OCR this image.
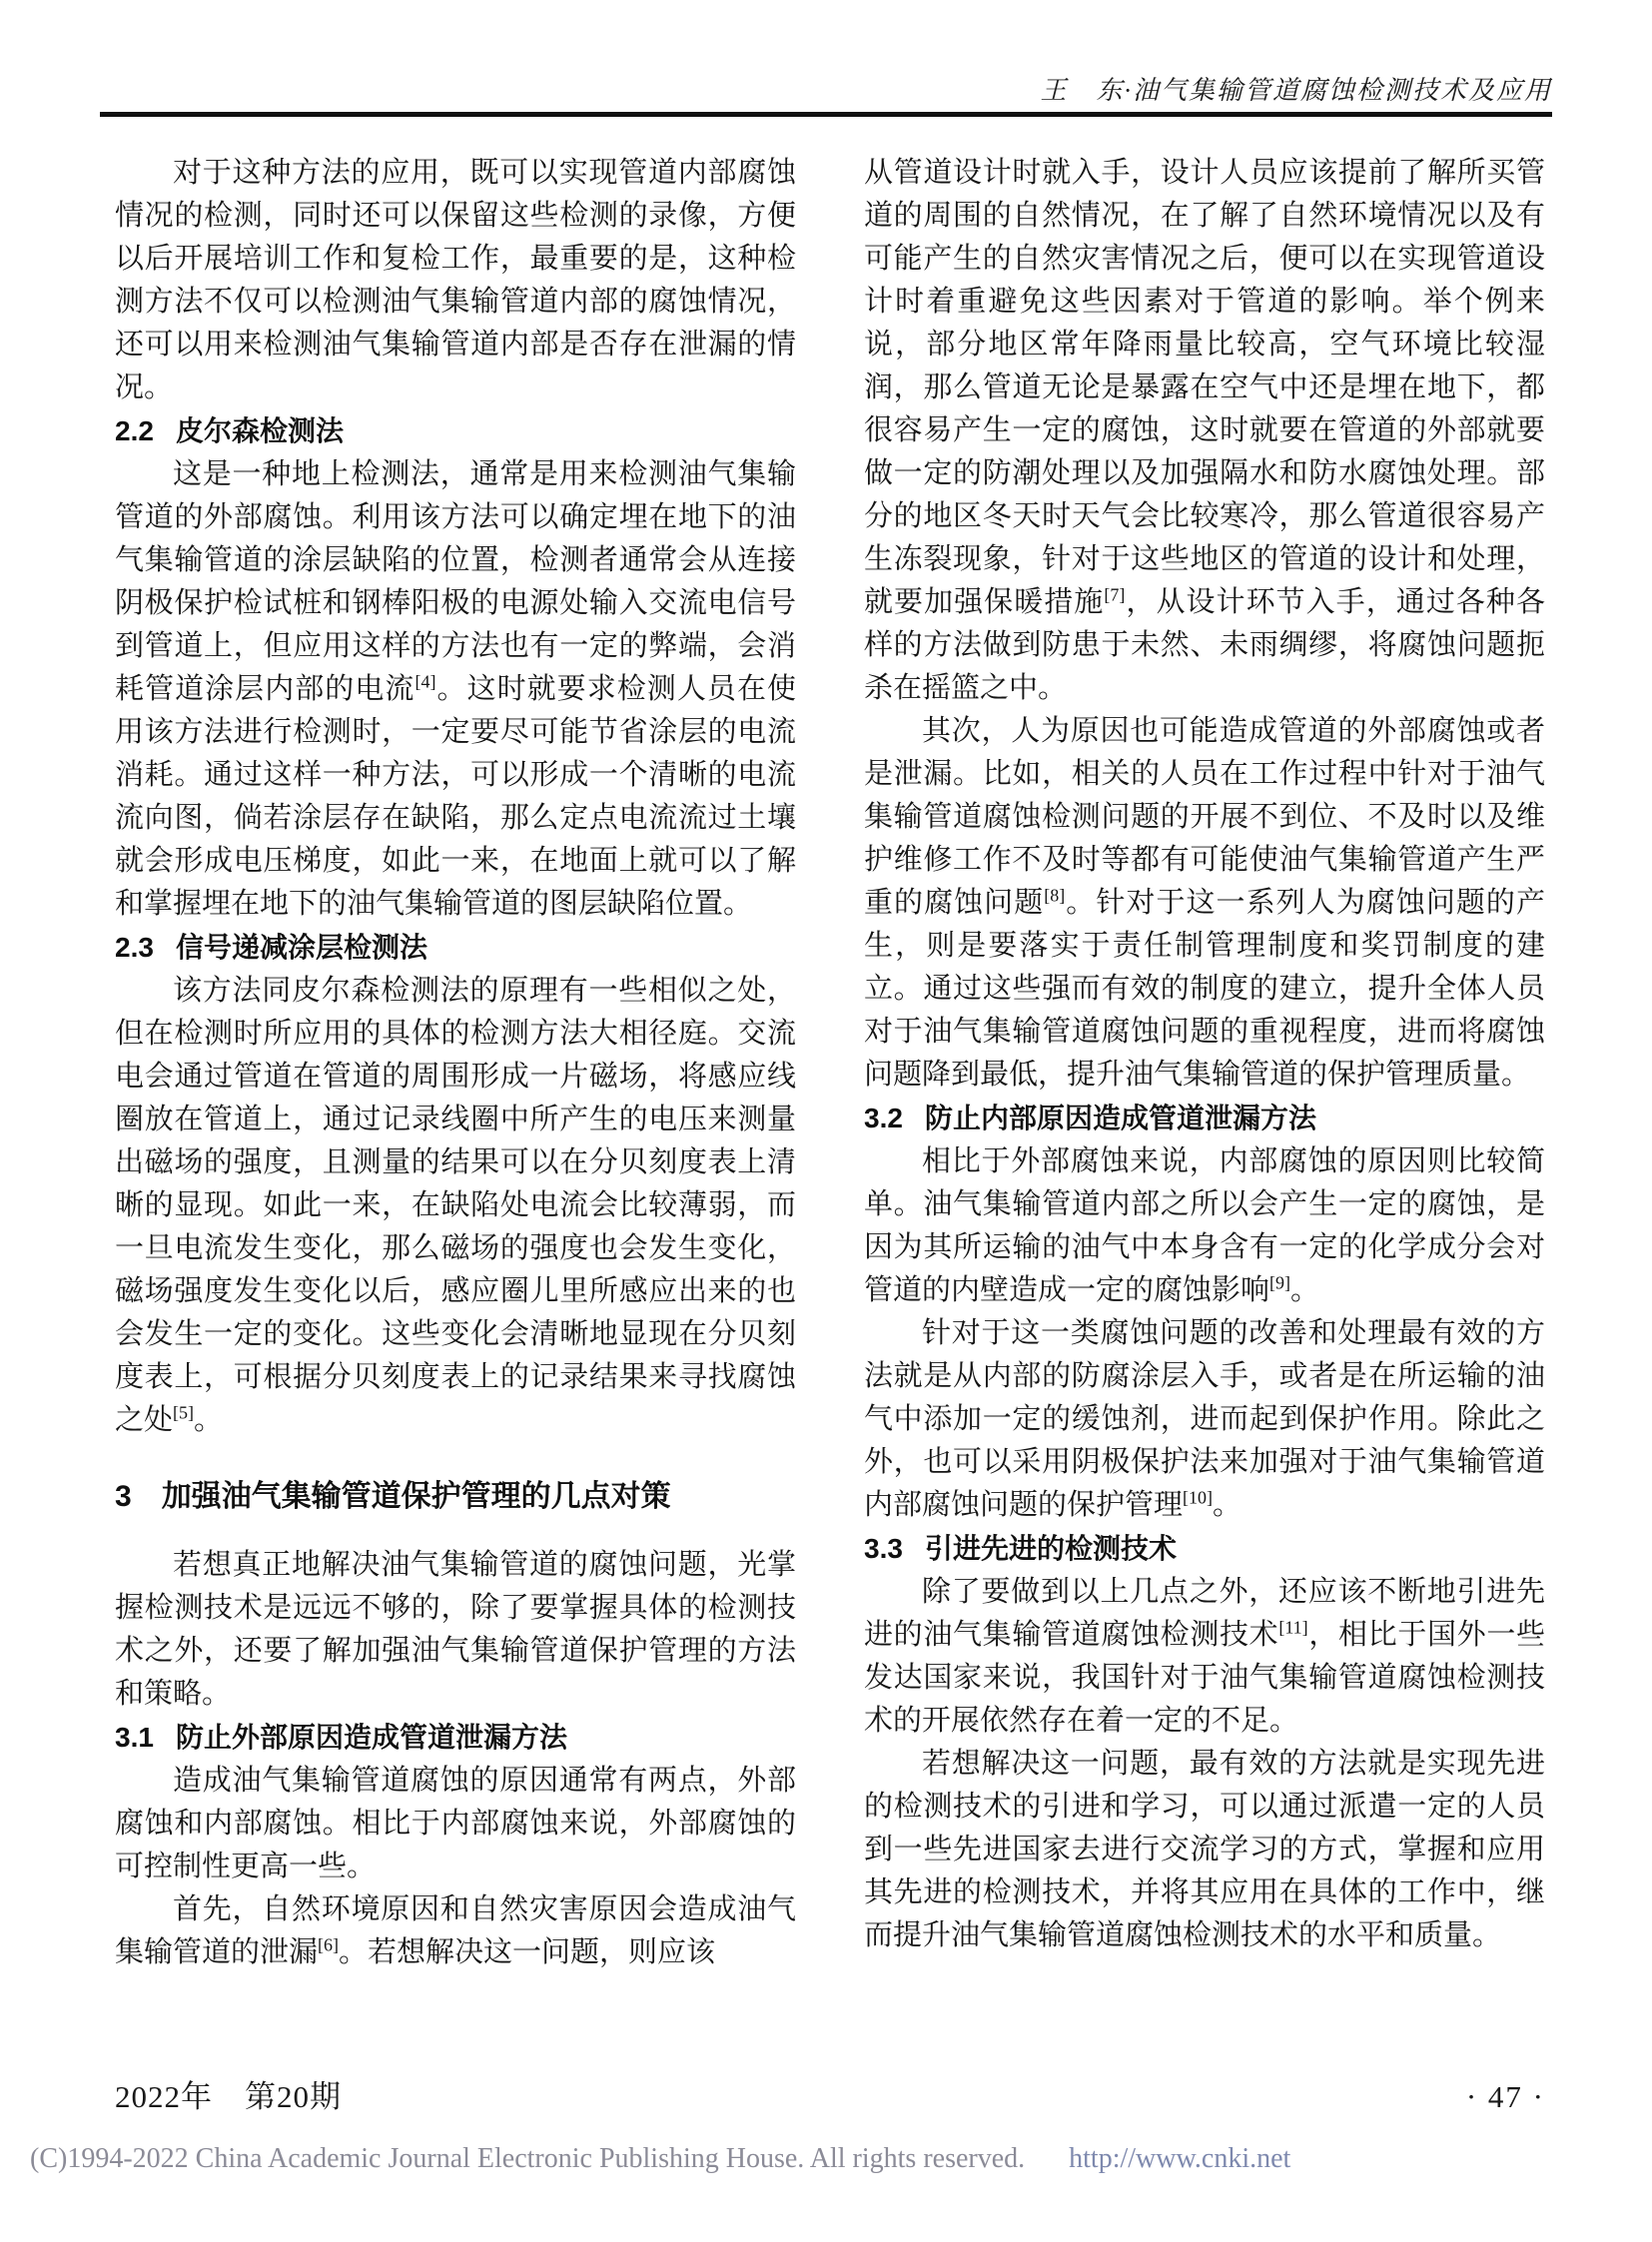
王　东·油气集输管道腐蚀检测技术及应用

对于这种方法的应用，既可以实现管道内部腐蚀情况的检测，同时还可以保留这些检测的录像，方便以后开展培训工作和复检工作，最重要的是，这种检测方法不仅可以检测油气集输管道内部的腐蚀情况，还可以用来检测油气集输管道内部是否存在泄漏的情况。

2.2 皮尔森检测法

这是一种地上检测法，通常是用来检测油气集输管道的外部腐蚀。利用该方法可以确定埋在地下的油气集输管道的涂层缺陷的位置，检测者通常会从连接阴极保护检试桩和钢棒阳极的电源处输入交流电信号到管道上，但应用这样的方法也有一定的弊端，会消耗管道涂层内部的电流[4]。这时就要求检测人员在使用该方法进行检测时，一定要尽可能节省涂层的电流消耗。通过这样一种方法，可以形成一个清晰的电流流向图，倘若涂层存在缺陷，那么定点电流流过土壤就会形成电压梯度，如此一来，在地面上就可以了解和掌握埋在地下的油气集输管道的图层缺陷位置。

2.3 信号递减涂层检测法

该方法同皮尔森检测法的原理有一些相似之处，但在检测时所应用的具体的检测方法大相径庭。交流电会通过管道在管道的周围形成一片磁场，将感应线圈放在管道上，通过记录线圈中所产生的电压来测量出磁场的强度，且测量的结果可以在分贝刻度表上清晰的显现。如此一来，在缺陷处电流会比较薄弱，而一旦电流发生变化，那么磁场的强度也会发生变化，磁场强度发生变化以后，感应圈儿里所感应出来的也会发生一定的变化。这些变化会清晰地显现在分贝刻度表上，可根据分贝刻度表上的记录结果来寻找腐蚀之处[5]。

3 加强油气集输管道保护管理的几点对策

若想真正地解决油气集输管道的腐蚀问题，光掌握检测技术是远远不够的，除了要掌握具体的检测技术之外，还要了解加强油气集输管道保护管理的方法和策略。

3.1 防止外部原因造成管道泄漏方法

造成油气集输管道腐蚀的原因通常有两点，外部腐蚀和内部腐蚀。相比于内部腐蚀来说，外部腐蚀的可控制性更高一些。

首先，自然环境原因和自然灾害原因会造成油气集输管道的泄漏[6]。若想解决这一问题，则应该

从管道设计时就入手，设计人员应该提前了解所买管道的周围的自然情况，在了解了自然环境情况以及有可能产生的自然灾害情况之后，便可以在实现管道设计时着重避免这些因素对于管道的影响。举个例来说，部分地区常年降雨量比较高，空气环境比较湿润，那么管道无论是暴露在空气中还是埋在地下，都很容易产生一定的腐蚀，这时就要在管道的外部就要做一定的防潮处理以及加强隔水和防水腐蚀处理。部分的地区冬天时天气会比较寒冷，那么管道很容易产生冻裂现象，针对于这些地区的管道的设计和处理，就要加强保暖措施[7]，从设计环节入手，通过各种各样的方法做到防患于未然、未雨绸缪，将腐蚀问题扼杀在摇篮之中。

其次，人为原因也可能造成管道的外部腐蚀或者是泄漏。比如，相关的人员在工作过程中针对于油气集输管道腐蚀检测问题的开展不到位、不及时以及维护维修工作不及时等都有可能使油气集输管道产生严重的腐蚀问题[8]。针对于这一系列人为腐蚀问题的产生，则是要落实于责任制管理制度和奖罚制度的建立。通过这些强而有效的制度的建立，提升全体人员对于油气集输管道腐蚀问题的重视程度，进而将腐蚀问题降到最低，提升油气集输管道的保护管理质量。

3.2 防止内部原因造成管道泄漏方法

相比于外部腐蚀来说，内部腐蚀的原因则比较简单。油气集输管道内部之所以会产生一定的腐蚀，是因为其所运输的油气中本身含有一定的化学成分会对管道的内壁造成一定的腐蚀影响[9]。

针对于这一类腐蚀问题的改善和处理最有效的方法就是从内部的防腐涂层入手，或者是在所运输的油气中添加一定的缓蚀剂，进而起到保护作用。除此之外，也可以采用阴极保护法来加强对于油气集输管道内部腐蚀问题的保护管理[10]。

3.3 引进先进的检测技术

除了要做到以上几点之外，还应该不断地引进先进的油气集输管道腐蚀检测技术[11]，相比于国外一些发达国家来说，我国针对于油气集输管道腐蚀检测技术的开展依然存在着一定的不足。

若想解决这一问题，最有效的方法就是实现先进的检测技术的引进和学习，可以通过派遣一定的人员到一些先进国家去进行交流学习的方式，掌握和应用其先进的检测技术，并将其应用在具体的工作中，继而提升油气集输管道腐蚀检测技术的水平和质量。

2022年　第20期	· 47 ·
(C)1994-2022 China Academic Journal Electronic Publishing House. All rights reserved. http://www.cnki.net
